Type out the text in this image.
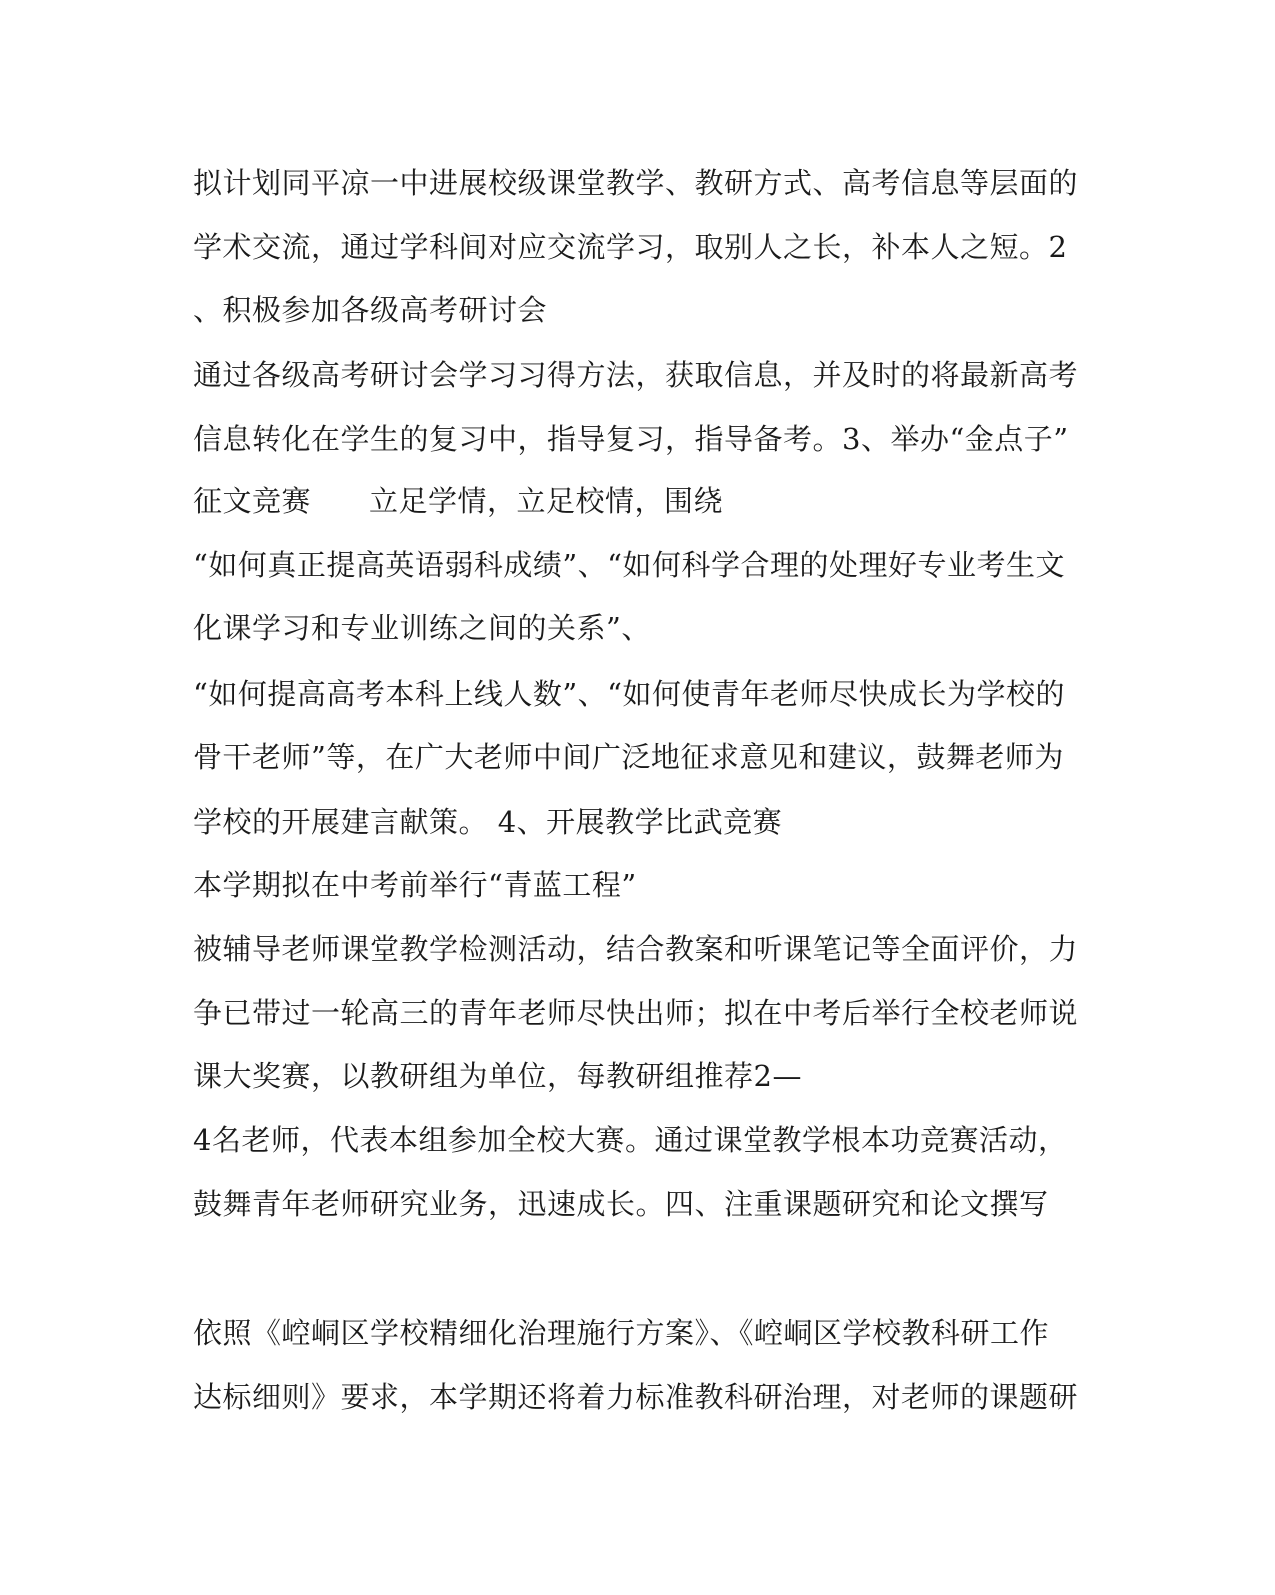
拟计划同平凉一中进展校级课堂教学、教研方式、高考信息等层面的
学术交流，通过学科间对应交流学习，取别人之长，补本人之短。2
、积极参加各级高考研讨会
通过各级高考研讨会学习习得方法，获取信息，并及时的将最新高考
信息转化在学生的复习中，指导复习，指导备考。3、举办“金点子”
征文竞赛 立足学情，立足校情，围绕
“如何真正提高英语弱科成绩”、“如何科学合理的处理好专业考生文
化课学习和专业训练之间的关系”、
“如何提高高考本科上线人数”、“如何使青年老师尽快成长为学校的
骨干老师”等，在广大老师中间广泛地征求意见和建议，鼓舞老师为
学校的开展建言献策。 4、开展教学比武竞赛
本学期拟在中考前举行“青蓝工程”
被辅导老师课堂教学检测活动，结合教案和听课笔记等全面评价，力
争已带过一轮高三的青年老师尽快出师；拟在中考后举行全校老师说
课大奖赛，以教研组为单位，每教研组推荐2—
4名老师，代表本组参加全校大赛。通过课堂教学根本功竞赛活动，
鼓舞青年老师研究业务，迅速成长。四、注重课题研究和论文撰写
依照《崆峒区学校精细化治理施行方案》、《崆峒区学校教科研工作
达标细则》要求，本学期还将着力标准教科研治理，对老师的课题研
